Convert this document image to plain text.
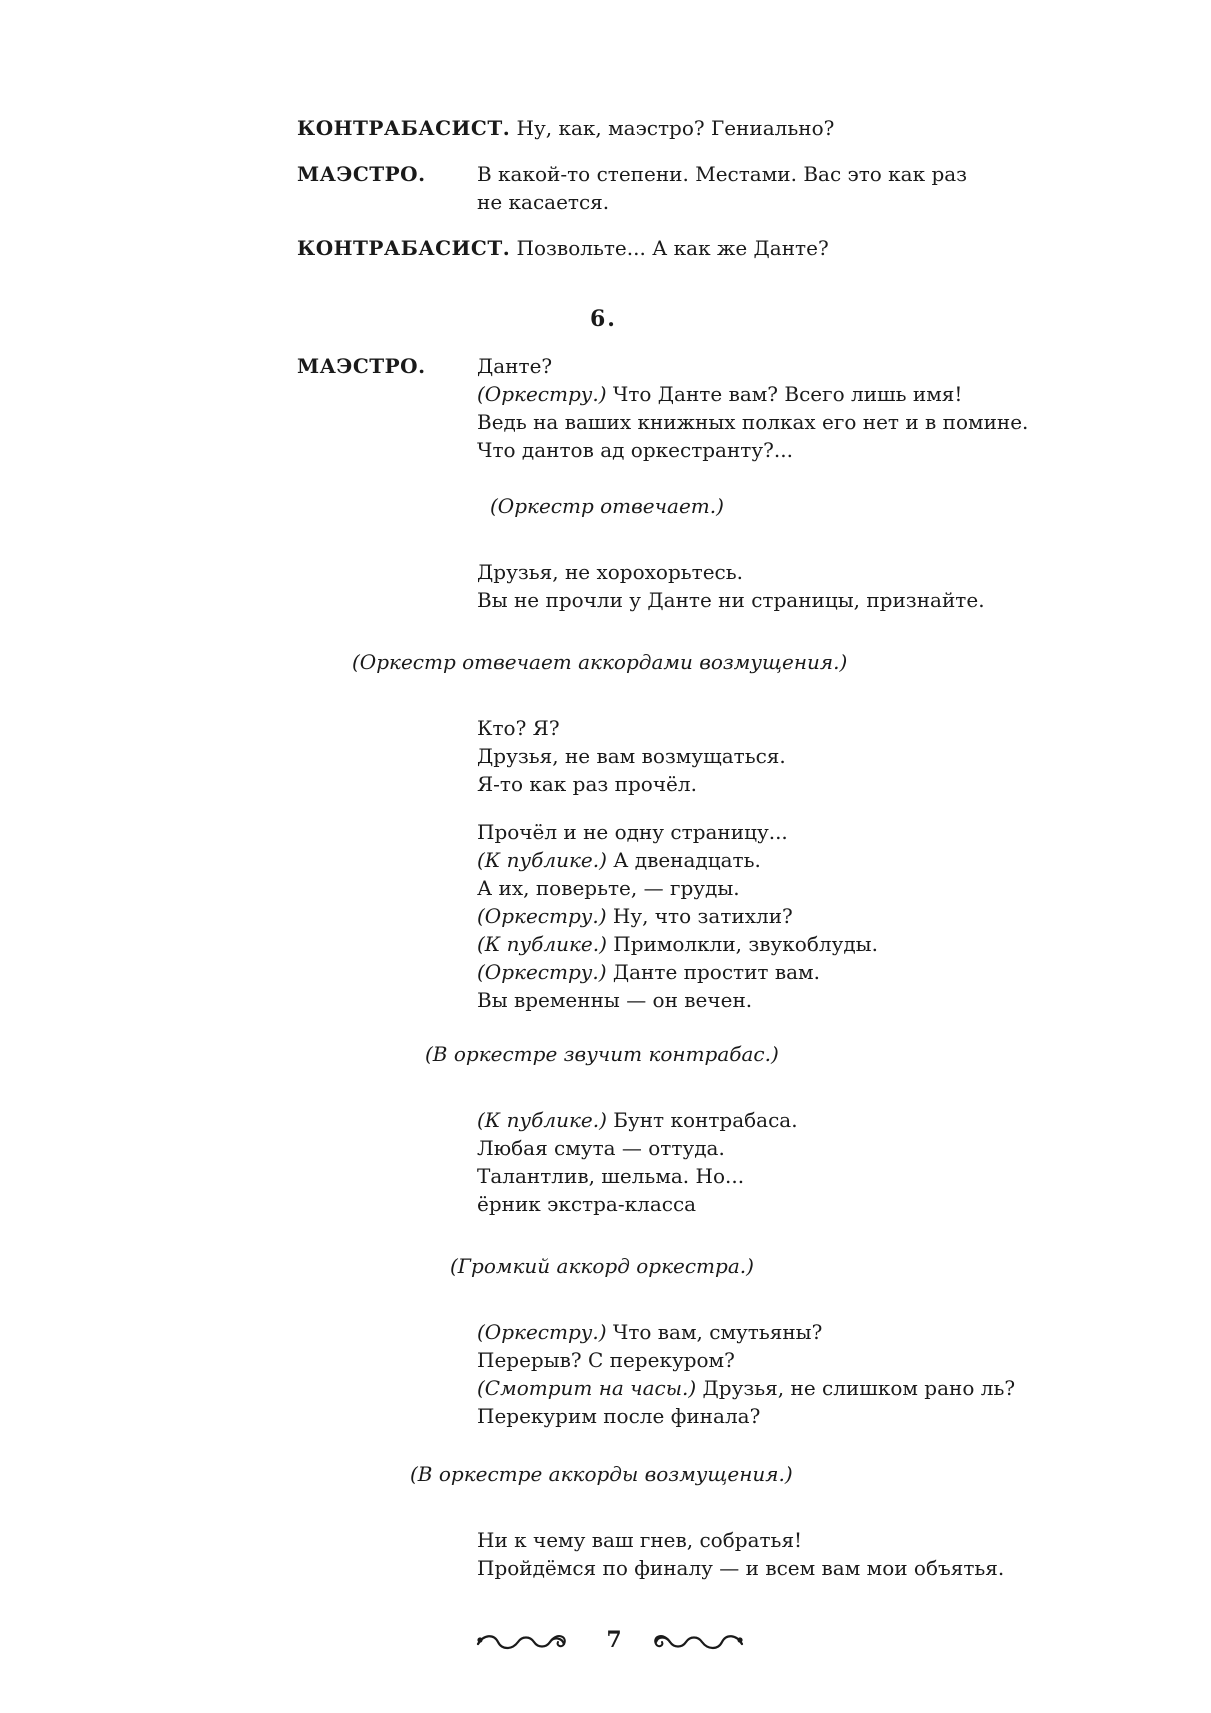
КОНТРАБАСИСТ. Ну, как, маэстро? Гениально?
МАЭСТРО.	В какой-то степени. Местами. Вас это как раз
не касается.
КОНТРАБАСИСТ. Позвольте... А как же Данте?
6.
МАЭСТРО.	Данте?
(Оркестру.) Что Данте вам? Всего лишь имя!
Ведь на ваших книжных полках его нет и в помине.
Что дантов ад оркестранту?...
(Оркестр отвечает.)
Друзья, не хорохорьтесь.
Вы не прочли у Данте ни страницы, признайте.
(Оркестр отвечает аккордами возмущения.)
Кто? Я?
Друзья, не вам возмущаться.
Я-то как раз прочёл.
Прочёл и не одну страницу...
(К публике.) А двенадцать.
А их, поверьте, — груды.
(Оркестру.) Ну, что затихли?
(К публике.) Примолкли, звукоблуды.
(Оркестру.) Данте простит вам.
Вы временны — он вечен.
(В оркестре звучит контрабас.)
(К публике.) Бунт контрабаса.
Любая смута — оттуда.
Талантлив, шельма. Но...
ёрник экстра-класса
(Громкий аккорд оркестра.)
(Оркестру.) Что вам, смутьяны?
Перерыв? С перекуром?
(Смотрит на часы.) Друзья, не слишком рано ль?
Перекурим после финала?
(В оркестре аккорды возмущения.)
Ни к чему ваш гнев, собратья!
Пройдёмся по финалу — и всем вам мои объятья.
7
